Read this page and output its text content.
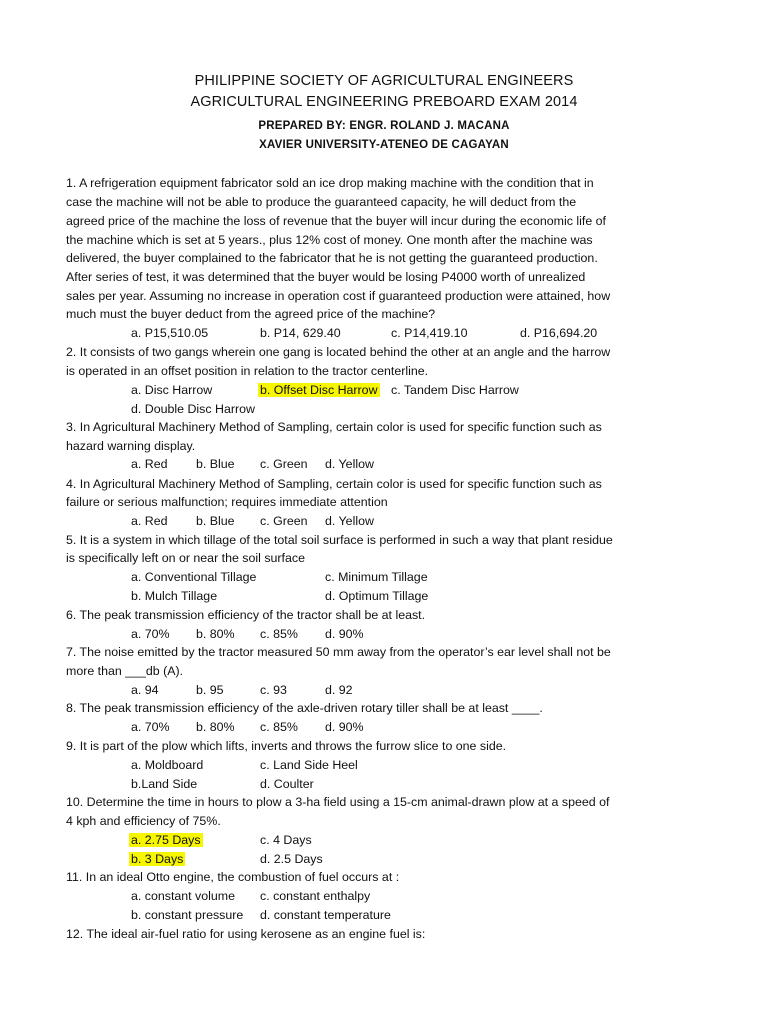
PHILIPPINE SOCIETY OF AGRICULTURAL ENGINEERS
AGRICULTURAL ENGINEERING PREBOARD EXAM 2014
PREPARED BY: ENGR. ROLAND J. MACANA
XAVIER UNIVERSITY-ATENEO DE CAGAYAN
1. A refrigeration equipment fabricator sold an ice drop making machine with the condition that in
case the machine will not be able to produce the guaranteed capacity, he will deduct from the
agreed price of the machine the loss of revenue that the buyer will incur during the economic life of
the machine which is set at 5 years., plus 12% cost of money. One month after the machine was
delivered, the buyer complained to the fabricator that he is not getting the guaranteed production.
After series of test, it was determined that the buyer would be losing P4000 worth of unrealized
sales per year. Assuming no increase in operation cost if guaranteed production were attained, how
much must the buyer deduct from the agreed price of the machine?
a. P15,510.05	b. P14, 629.40	c. P14,419.10	d. P16,694.20
2. It consists of two gangs wherein one gang is located behind the other at an angle and the harrow
is operated in an offset position in relation to the tractor centerline.
a. Disc Harrow	b. Offset Disc Harrow c. Tandem Disc Harrow
d. Double Disc Harrow
3. In Agricultural Machinery Method of Sampling, certain color is used for specific function such as
hazard warning display.
a. Red b. Blue c. Green d. Yellow
4. In Agricultural Machinery Method of Sampling, certain color is used for specific function such as
failure or serious malfunction; requires immediate attention
a. Red b. Blue c. Green d. Yellow
5. It is a system in which tillage of the total soil surface is performed in such a way that plant residue
is specifically left on or near the soil surface
a. Conventional Tillage	c. Minimum Tillage
b. Mulch Tillage	d. Optimum Tillage
6. The peak transmission efficiency of the tractor shall be at least.
a. 70% b. 80% c. 85% d. 90%
7. The noise emitted by the tractor measured 50 mm away from the operator’s ear level shall not be
more than ___db (A).
a. 94	b. 95	c. 93	d. 92
8. The peak transmission efficiency of the axle-driven rotary tiller shall be at least ____.
a. 70% b. 80% c. 85% d. 90%
9. It is part of the plow which lifts, inverts and throws the furrow slice to one side.
a. Moldboard	c. Land Side Heel
b.Land Side	d. Coulter
10. Determine the time in hours to plow a 3-ha field using a 15-cm animal-drawn plow at a speed of
4 kph and efficiency of 75%.
a. 2.75 Days	c. 4 Days
b. 3 Days	d. 2.5 Days
11. In an ideal Otto engine, the combustion of fuel occurs at :
a. constant volume c. constant enthalpy
b. constant pressure d. constant temperature
12. The ideal air-fuel ratio for using kerosene as an engine fuel is:
